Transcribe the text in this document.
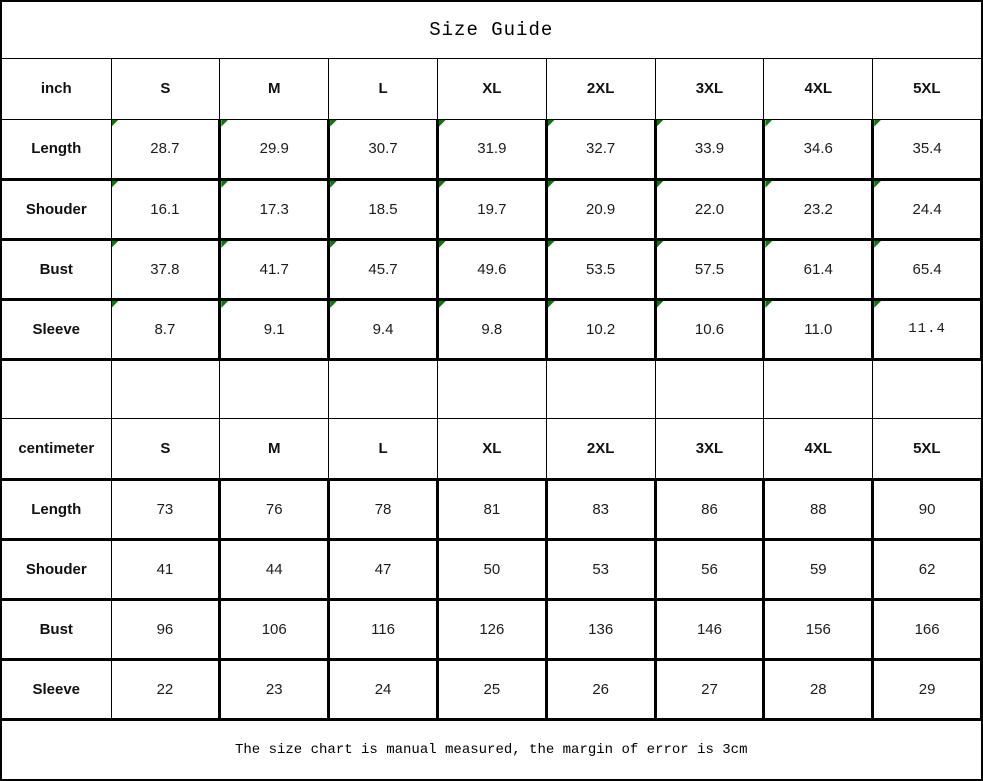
Size Guide								
inch	S	M	L	XL	2XL	3XL	4XL	5XL
Length	28.7	29.9	30.7	31.9	32.7	33.9	34.6	35.4
Shouder	16.1	17.3	18.5	19.7	20.9	22.0	23.2	24.4
Bust	37.8	41.7	45.7	49.6	53.5	57.5	61.4	65.4
Sleeve	8.7	9.1	9.4	9.8	10.2	10.6	11.0	11.4

centimeter	S	M	L	XL	2XL	3XL	4XL	5XL
Length	73	76	78	81	83	86	88	90
Shouder	41	44	47	50	53	56	59	62
Bust	96	106	116	126	136	146	156	166
Sleeve	22	23	24	25	26	27	28	29
The size chart is manual measured, the margin of error is 3cm								
